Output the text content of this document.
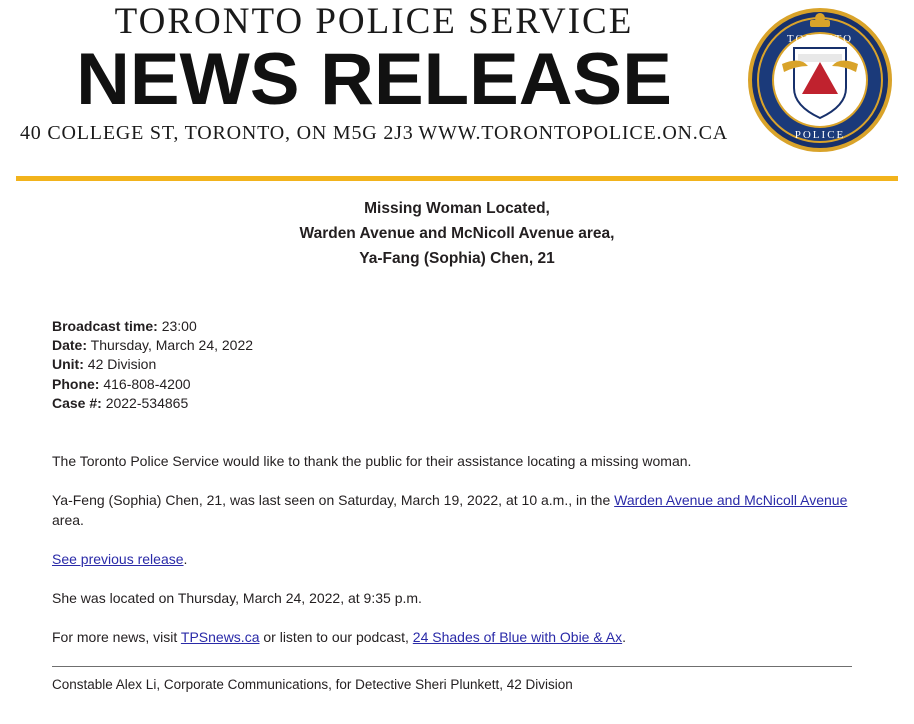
TORONTO POLICE SERVICE
NEWS RELEASE
40 COLLEGE ST, TORONTO, ON M5G 2J3 WWW.TORONTOPOLICE.ON.CA
TORONTO
POLICE
Missing Woman Located,
Warden Avenue and McNicoll Avenue area,
Ya-Fang (Sophia) Chen, 21
Broadcast time: 23:00
Date: Thursday, March 24, 2022
Unit: 42 Division
Phone: 416-808-4200
Case #: 2022-534865

The Toronto Police Service would like to thank the public for their assistance locating a missing woman.

Ya-Feng (Sophia) Chen, 21, was last seen on Saturday, March 19, 2022, at 10 a.m., in the Warden Avenue and McNicoll Avenue area.

See previous release.

She was located on Thursday, March 24, 2022, at 9:35 p.m.

For more news, visit TPSnews.ca or listen to our podcast, 24 Shades of Blue with Obie & Ax.

Constable Alex Li, Corporate Communications, for Detective Sheri Plunkett, 42 Division
